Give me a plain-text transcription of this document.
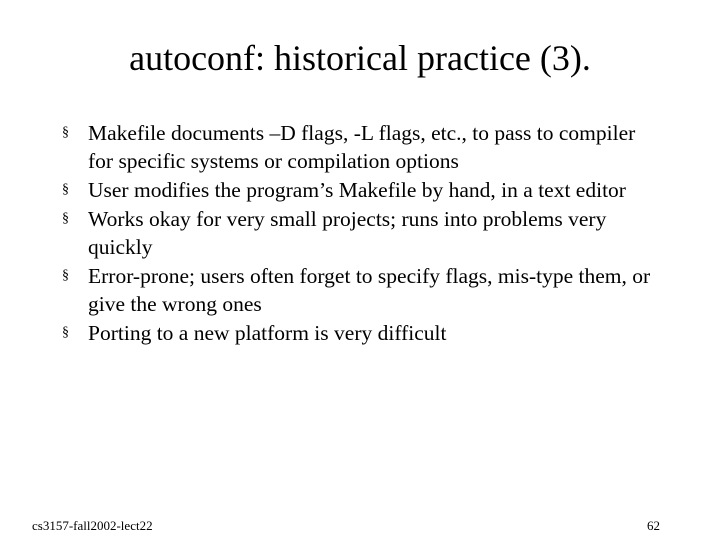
autoconf: historical practice (3).
§ Makefile documents –D flags, -L flags, etc., to pass to compiler for specific systems or compilation options
§ User modifies the program’s Makefile by hand, in a text editor
§ Works okay for very small projects; runs into problems very quickly
§ Error-prone; users often forget to specify flags, mis-type them, or give the wrong ones
§ Porting to a new platform is very difficult
cs3157-fall2002-lect22	62
